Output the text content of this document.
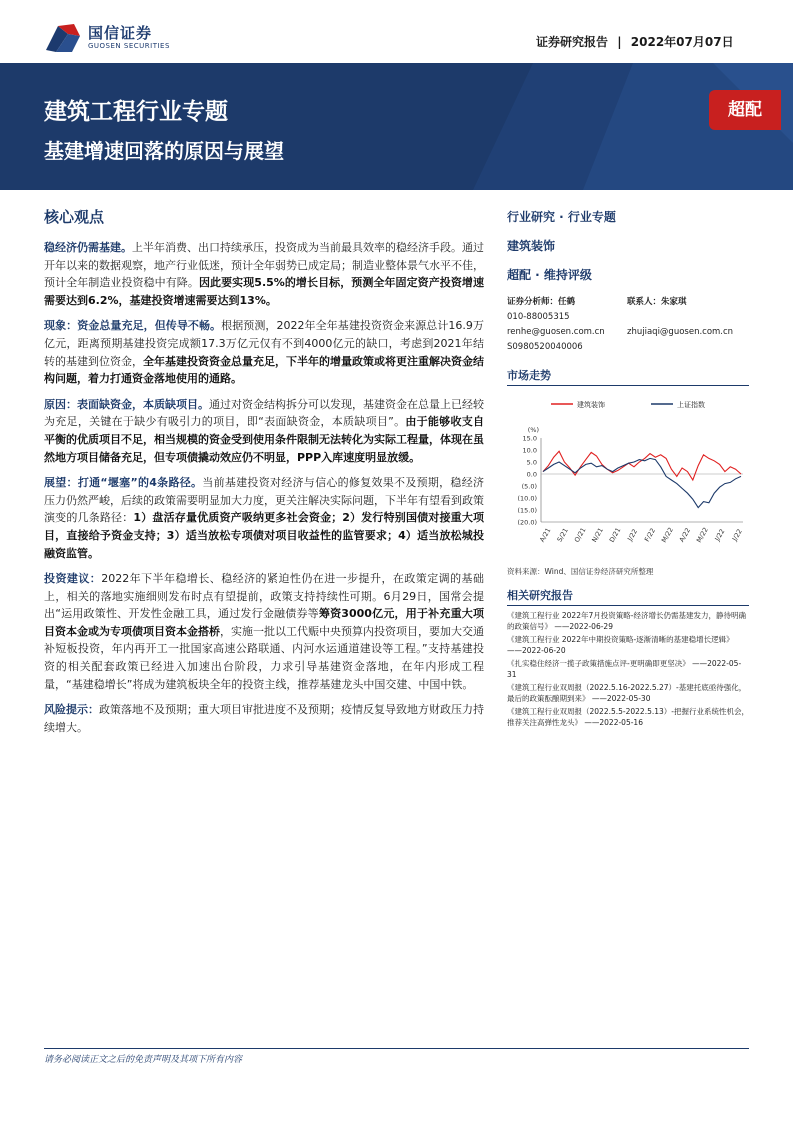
国信证券
GUOSEN SECURITIES	证券研究报告 | 2022年07月07日
建筑工程行业专题
基建增速回落的原因与展望
超配
核心观点

稳经济仍需基建。上半年消费、出口持续承压，投资成为当前最具效率的稳经济手段。通过开年以来的数据观察，地产行业低迷，预计全年弱势已成定局；制造业整体景气水平不佳，预计全年制造业投资稳中有降。因此要实现5.5%的增长目标，预测全年固定资产投资增速需要达到6.2%，基建投资增速需要达到13%。

现象：资金总量充足，但传导不畅。根据预测，2022年全年基建投资资金来源总计16.9万亿元，距离预期基建投资完成额17.3万亿元仅有不到4000亿元的缺口，考虑到2021年结转的基建到位资金，全年基建投资资金总量充足，下半年的增量政策或将更注重解决资金结构问题，着力打通资金落地使用的通路。

原因：表面缺资金，本质缺项目。通过对资金结构拆分可以发现，基建资金在总量上已经较为充足，关键在于缺少有吸引力的项目，即“表面缺资金，本质缺项目”。由于能够收支自平衡的优质项目不足，相当规模的资金受到使用条件限制无法转化为实际工程量，体现在虽然地方项目储备充足，但专项债撬动效应仍不明显，PPP入库速度明显放缓。

展望：打通“堰塞”的4条路径。当前基建投资对经济与信心的修复效果不及预期，稳经济压力仍然严峻，后续的政策需要明显加大力度，更关注解决实际问题，下半年有望看到政策演变的几条路径：1）盘活存量优质资产吸纳更多社会资金；2）发行特别国债对接重大项目，直接给予资金支持；3）适当放松专项债对项目收益性的监管要求；4）适当放松城投融资监管。

投资建议：2022年下半年稳增长、稳经济的紧迫性仍在进一步提升，在政策定调的基础上，相关的落地实施细则发布时点有望提前，政策支持持续性可期。6月29日，国常会提出“运用政策性、开发性金融工具，通过发行金融债券等筹资3000亿元，用于补充重大项目资本金或为专项债项目资本金搭桥，实施一批以工代赈中央预算内投资项目，要加大交通补短板投资，年内再开工一批国家高速公路联通、内河水运通道建设等工程。”支持基建投资的相关配套政策已经进入加速出台阶段，力求引导基建资金落地，在年内形成工程量，“基建稳增长”将成为建筑板块全年的投资主线，推荐基建龙头中国交建、中国中铁。

风险提示：政策落地不及预期；重大项目审批进度不及预期；疫情反复导致地方财政压力持续增大。

行业研究 · 行业专题
建筑装饰
超配 · 维持评级
证券分析师：任鹤
010-88005315
renhe@guosen.com.cn
S0980520040006
联系人：朱家琪
zhujiaqi@guosen.com.cn
市场走势
建筑装饰	上证指数
(%)
15.0
10.0
5.0
0.0
(5.0)
(10.0)
(15.0)
(20.0)
A/21 S/21 O/21 N/21 D/21 J/22 F/22 M/22 A/22 M/22 J/22 J/22
资料来源：Wind、国信证券经济研究所整理
相关研究报告
《建筑工程行业 2022年7月投资策略-经济增长仍需基建发力，静待明确的政策信号》 ——2022-06-29
《建筑工程行业 2022年中期投资策略-逐渐清晰的基建稳增长逻辑》 ——2022-06-20
《扎实稳住经济一揽子政策措施点评-更明确即更坚决》 ——2022-05-31
《建筑工程行业双周报（2022.5.16-2022.5.27）-基建托底亟待强化，最后的政策酝酿期到来》 ——2022-05-30
《建筑工程行业双周报（2022.5.5-2022.5.13）-把握行业系统性机会，推荐关注高弹性龙头》 ——2022-05-16
请务必阅读正文之后的免责声明及其项下所有内容
